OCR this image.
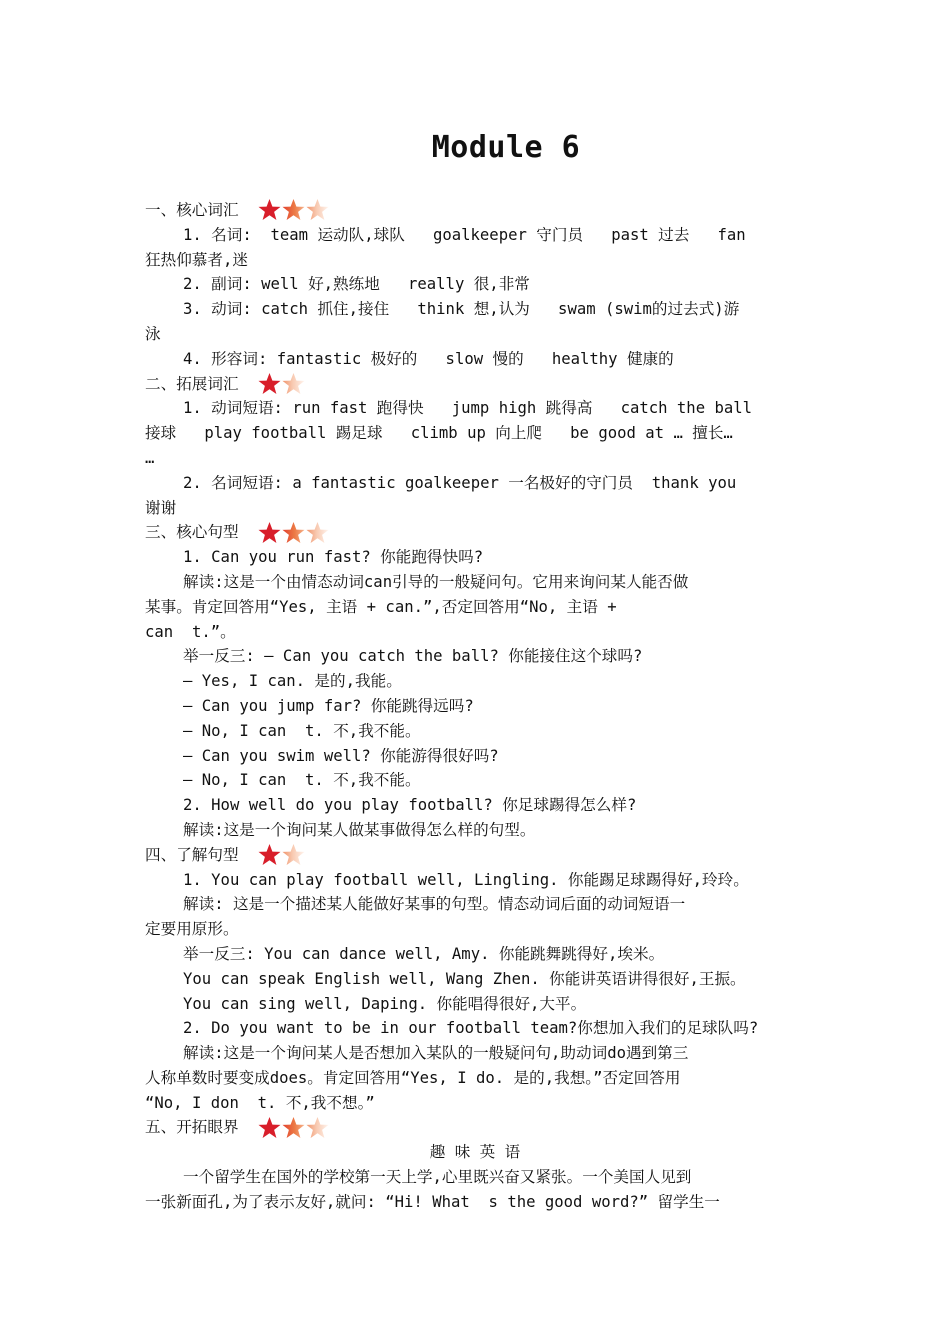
Module 6
一、核心词汇
1. 名词:  team 运动队,球队   goalkeeper 守门员   past 过去   fan
狂热仰慕者,迷
2. 副词: well 好,熟练地   really 很,非常
3. 动词: catch 抓住,接住   think 想,认为   swam (swim的过去式)游
泳
4. 形容词: fantastic 极好的   slow 慢的   healthy 健康的
二、拓展词汇
1. 动词短语: run fast 跑得快   jump high 跳得高   catch the ball
接球   play football 踢足球   climb up 向上爬   be good at … 擅长…
…
2. 名词短语: a fantastic goalkeeper 一名极好的守门员  thank you
谢谢
三、核心句型
1. Can you run fast? 你能跑得快吗?
解读:这是一个由情态动词can引导的一般疑问句。它用来询问某人能否做
某事。肯定回答用“Yes, 主语 + can.”,否定回答用“No, 主语 +
can  t.”。
举一反三: — Can you catch the ball? 你能接住这个球吗?
— Yes, I can. 是的,我能。
— Can you jump far? 你能跳得远吗?
— No, I can  t. 不,我不能。
— Can you swim well? 你能游得很好吗?
— No, I can  t. 不,我不能。
2. How well do you play football? 你足球踢得怎么样?
解读:这是一个询问某人做某事做得怎么样的句型。
四、了解句型
1. You can play football well, Lingling. 你能踢足球踢得好,玲玲。
解读: 这是一个描述某人能做好某事的句型。情态动词后面的动词短语一
定要用原形。
举一反三: You can dance well, Amy. 你能跳舞跳得好,埃米。
You can speak English well, Wang Zhen. 你能讲英语讲得很好,王振。
You can sing well, Daping. 你能唱得很好,大平。
2. Do you want to be in our football team?你想加入我们的足球队吗?
解读:这是一个询问某人是否想加入某队的一般疑问句,助动词do遇到第三
人称单数时要变成does。肯定回答用“Yes, I do. 是的,我想。”否定回答用
“No, I don  t. 不,我不想。”
五、开拓眼界
趣 味 英 语
一个留学生在国外的学校第一天上学,心里既兴奋又紧张。一个美国人见到
一张新面孔,为了表示友好,就问: “Hi! What  s the good word?” 留学生一
